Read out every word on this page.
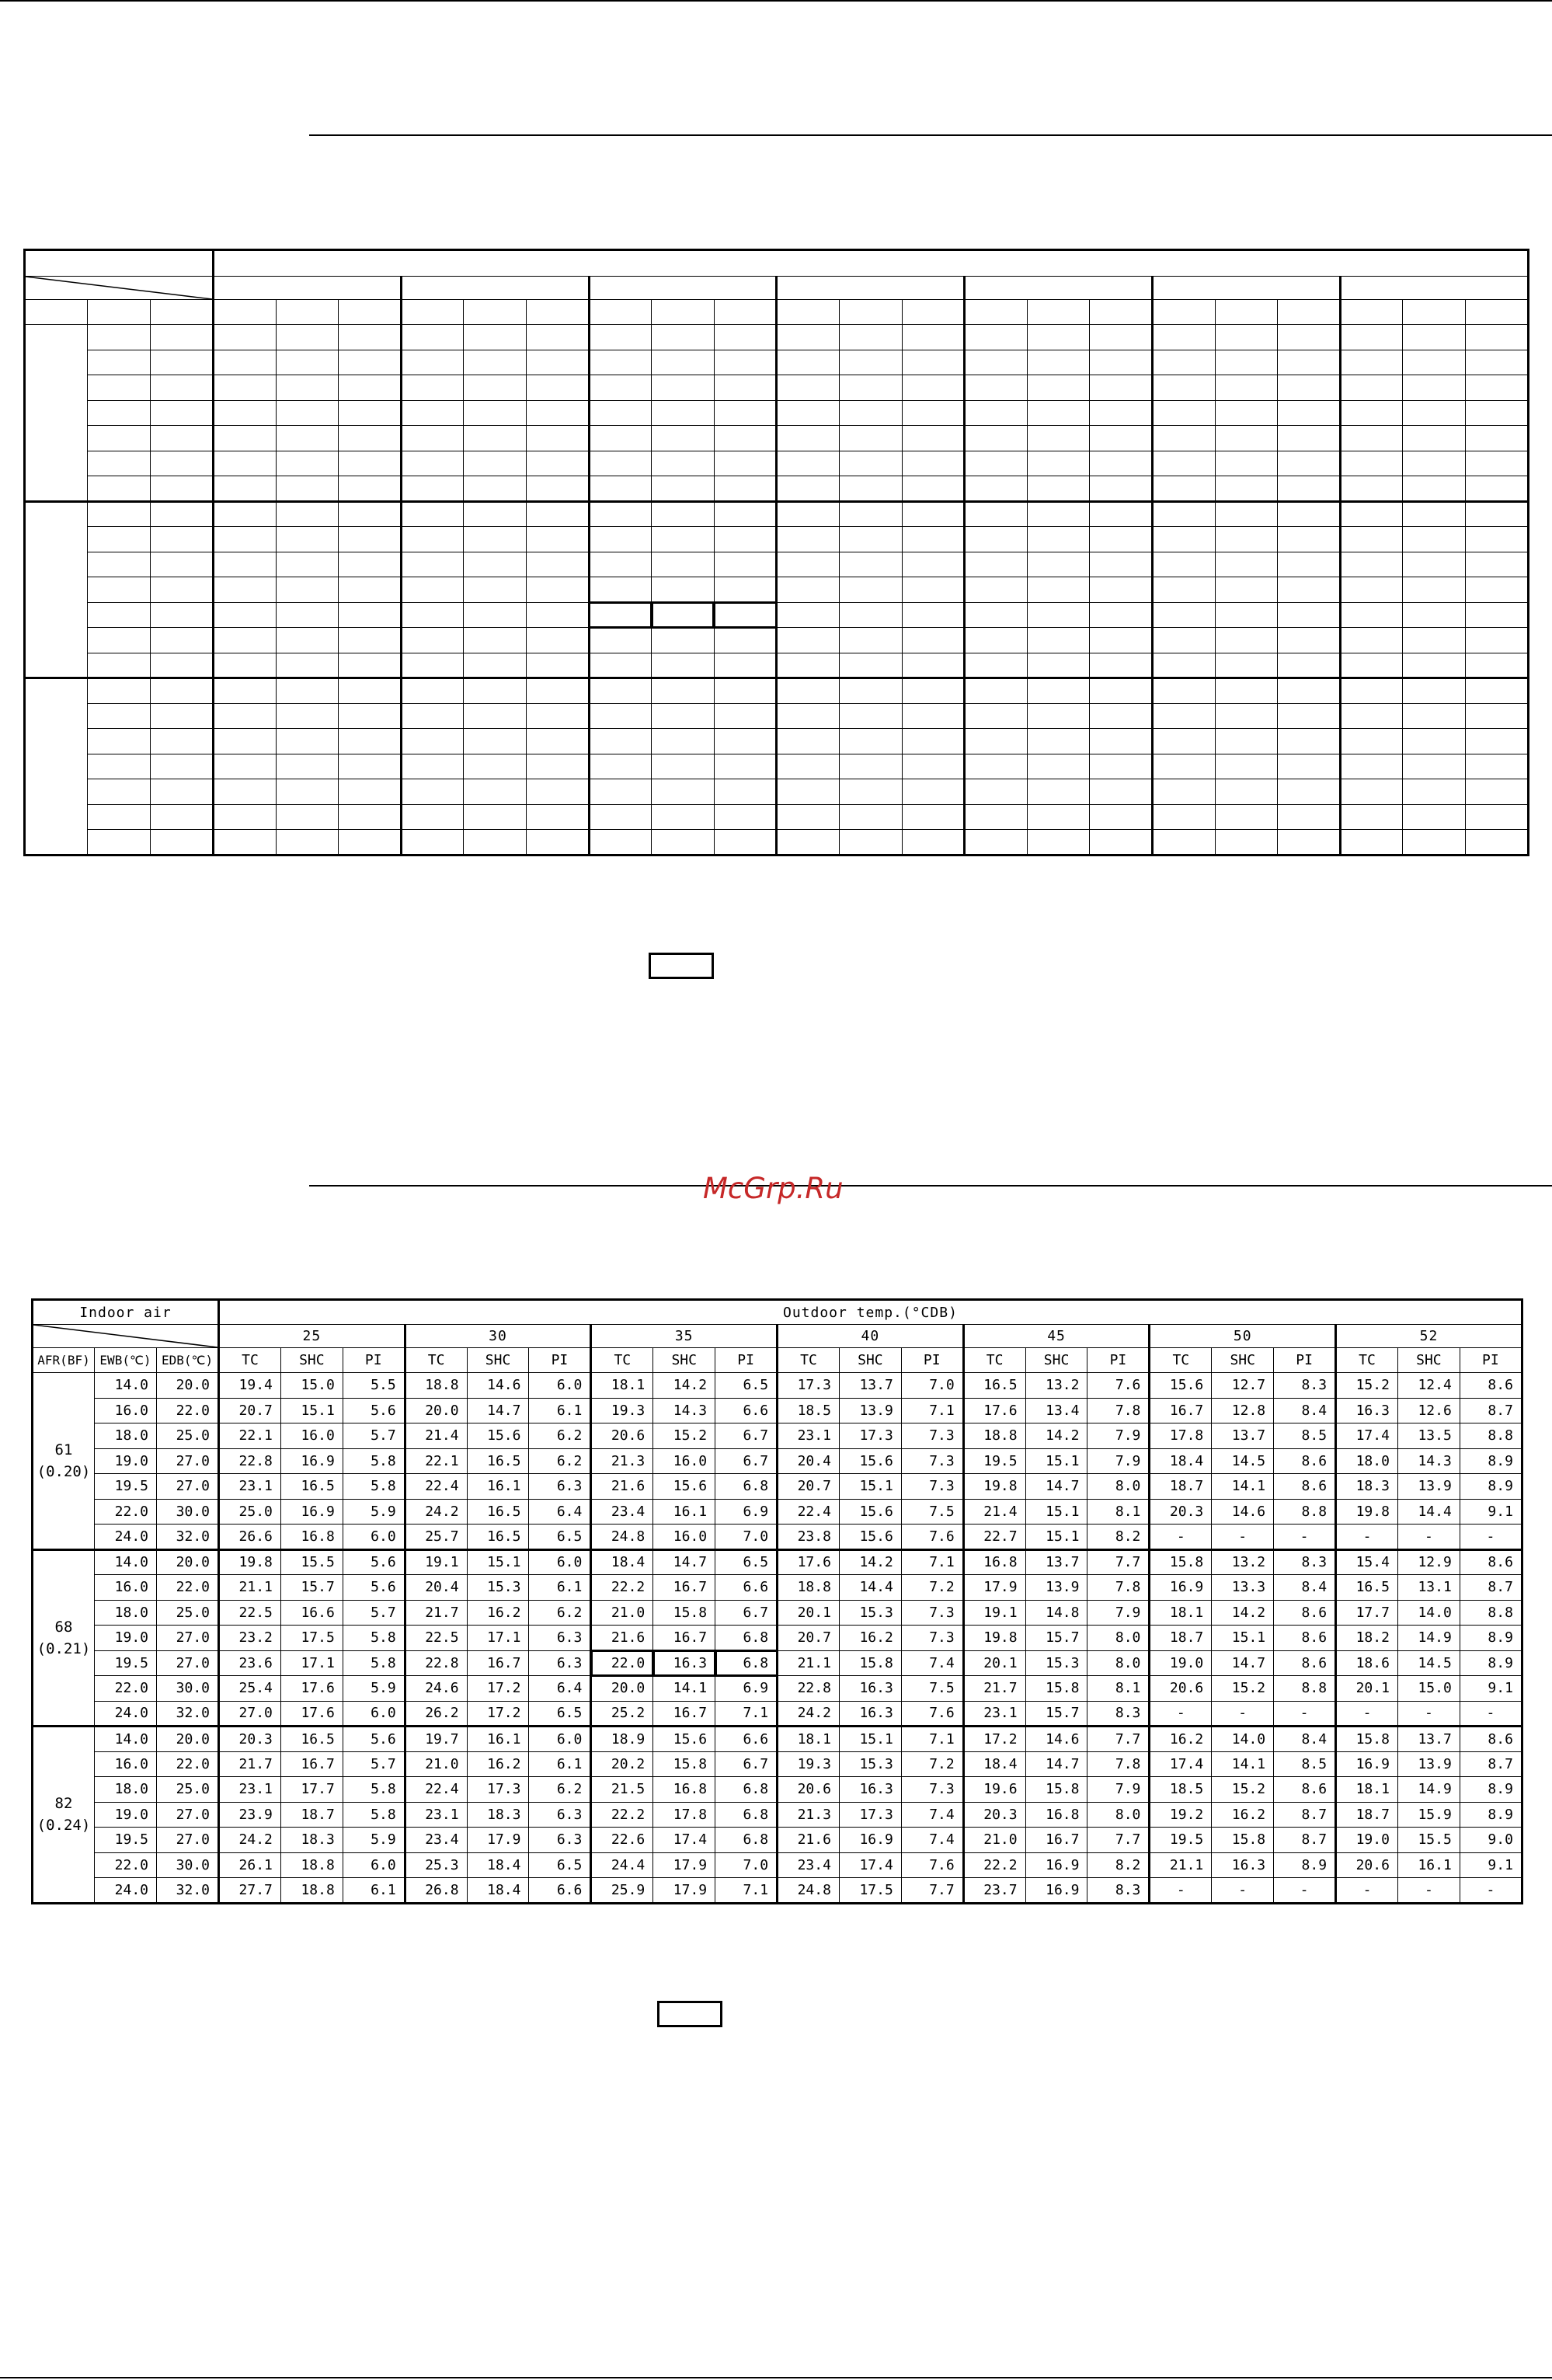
McGrp.Ru
Indoor air			Outdoor temp.(°CDB)																				

	25			30			35			40			45			50			52		
AFR(BF)	EWB(℃)	EDB(℃)	TC	SHC	PI	TC	SHC	PI	TC	SHC	PI	TC	SHC	PI	TC	SHC	PI	TC	SHC	PI	TC	SHC	PI

61
(0.20)	14.0	20.0	19.4	15.0	5.5	18.8	14.6	6.0	18.1	14.2	6.5	17.3	13.7	7.0	16.5	13.2	7.6	15.6	12.7	8.3	15.2	12.4	8.6
	16.0	22.0	20.7	15.1	5.6	20.0	14.7	6.1	19.3	14.3	6.6	18.5	13.9	7.1	17.6	13.4	7.8	16.7	12.8	8.4	16.3	12.6	8.7
	18.0	25.0	22.1	16.0	5.7	21.4	15.6	6.2	20.6	15.2	6.7	23.1	17.3	7.3	18.8	14.2	7.9	17.8	13.7	8.5	17.4	13.5	8.8
	19.0	27.0	22.8	16.9	5.8	22.1	16.5	6.2	21.3	16.0	6.7	20.4	15.6	7.3	19.5	15.1	7.9	18.4	14.5	8.6	18.0	14.3	8.9
	19.5	27.0	23.1	16.5	5.8	22.4	16.1	6.3	21.6	15.6	6.8	20.7	15.1	7.3	19.8	14.7	8.0	18.7	14.1	8.6	18.3	13.9	8.9
	22.0	30.0	25.0	16.9	5.9	24.2	16.5	6.4	23.4	16.1	6.9	22.4	15.6	7.5	21.4	15.1	8.1	20.3	14.6	8.8	19.8	14.4	9.1
	24.0	32.0	26.6	16.8	6.0	25.7	16.5	6.5	24.8	16.0	7.0	23.8	15.6	7.6	22.7	15.1	8.2	-	-	-	-	-	-

68
(0.21)	14.0	20.0	19.8	15.5	5.6	19.1	15.1	6.0	18.4	14.7	6.5	17.6	14.2	7.1	16.8	13.7	7.7	15.8	13.2	8.3	15.4	12.9	8.6
	16.0	22.0	21.1	15.7	5.6	20.4	15.3	6.1	22.2	16.7	6.6	18.8	14.4	7.2	17.9	13.9	7.8	16.9	13.3	8.4	16.5	13.1	8.7
	18.0	25.0	22.5	16.6	5.7	21.7	16.2	6.2	21.0	15.8	6.7	20.1	15.3	7.3	19.1	14.8	7.9	18.1	14.2	8.6	17.7	14.0	8.8
	19.0	27.0	23.2	17.5	5.8	22.5	17.1	6.3	21.6	16.7	6.8	20.7	16.2	7.3	19.8	15.7	8.0	18.7	15.1	8.6	18.2	14.9	8.9
	19.5	27.0	23.6	17.1	5.8	22.8	16.7	6.3	22.0	16.3	6.8	21.1	15.8	7.4	20.1	15.3	8.0	19.0	14.7	8.6	18.6	14.5	8.9
	22.0	30.0	25.4	17.6	5.9	24.6	17.2	6.4	20.0	14.1	6.9	22.8	16.3	7.5	21.7	15.8	8.1	20.6	15.2	8.8	20.1	15.0	9.1
	24.0	32.0	27.0	17.6	6.0	26.2	17.2	6.5	25.2	16.7	7.1	24.2	16.3	7.6	23.1	15.7	8.3	-	-	-	-	-	-

82
(0.24)	14.0	20.0	20.3	16.5	5.6	19.7	16.1	6.0	18.9	15.6	6.6	18.1	15.1	7.1	17.2	14.6	7.7	16.2	14.0	8.4	15.8	13.7	8.6
	16.0	22.0	21.7	16.7	5.7	21.0	16.2	6.1	20.2	15.8	6.7	19.3	15.3	7.2	18.4	14.7	7.8	17.4	14.1	8.5	16.9	13.9	8.7
	18.0	25.0	23.1	17.7	5.8	22.4	17.3	6.2	21.5	16.8	6.8	20.6	16.3	7.3	19.6	15.8	7.9	18.5	15.2	8.6	18.1	14.9	8.9
	19.0	27.0	23.9	18.7	5.8	23.1	18.3	6.3	22.2	17.8	6.8	21.3	17.3	7.4	20.3	16.8	8.0	19.2	16.2	8.7	18.7	15.9	8.9
	19.5	27.0	24.2	18.3	5.9	23.4	17.9	6.3	22.6	17.4	6.8	21.6	16.9	7.4	21.0	16.7	7.7	19.5	15.8	8.7	19.0	15.5	9.0
	22.0	30.0	26.1	18.8	6.0	25.3	18.4	6.5	24.4	17.9	7.0	23.4	17.4	7.6	22.2	16.9	8.2	21.1	16.3	8.9	20.6	16.1	9.1
	24.0	32.0	27.7	18.8	6.1	26.8	18.4	6.6	25.9	17.9	7.1	24.8	17.5	7.7	23.7	16.9	8.3	-	-	-	-	-	-
